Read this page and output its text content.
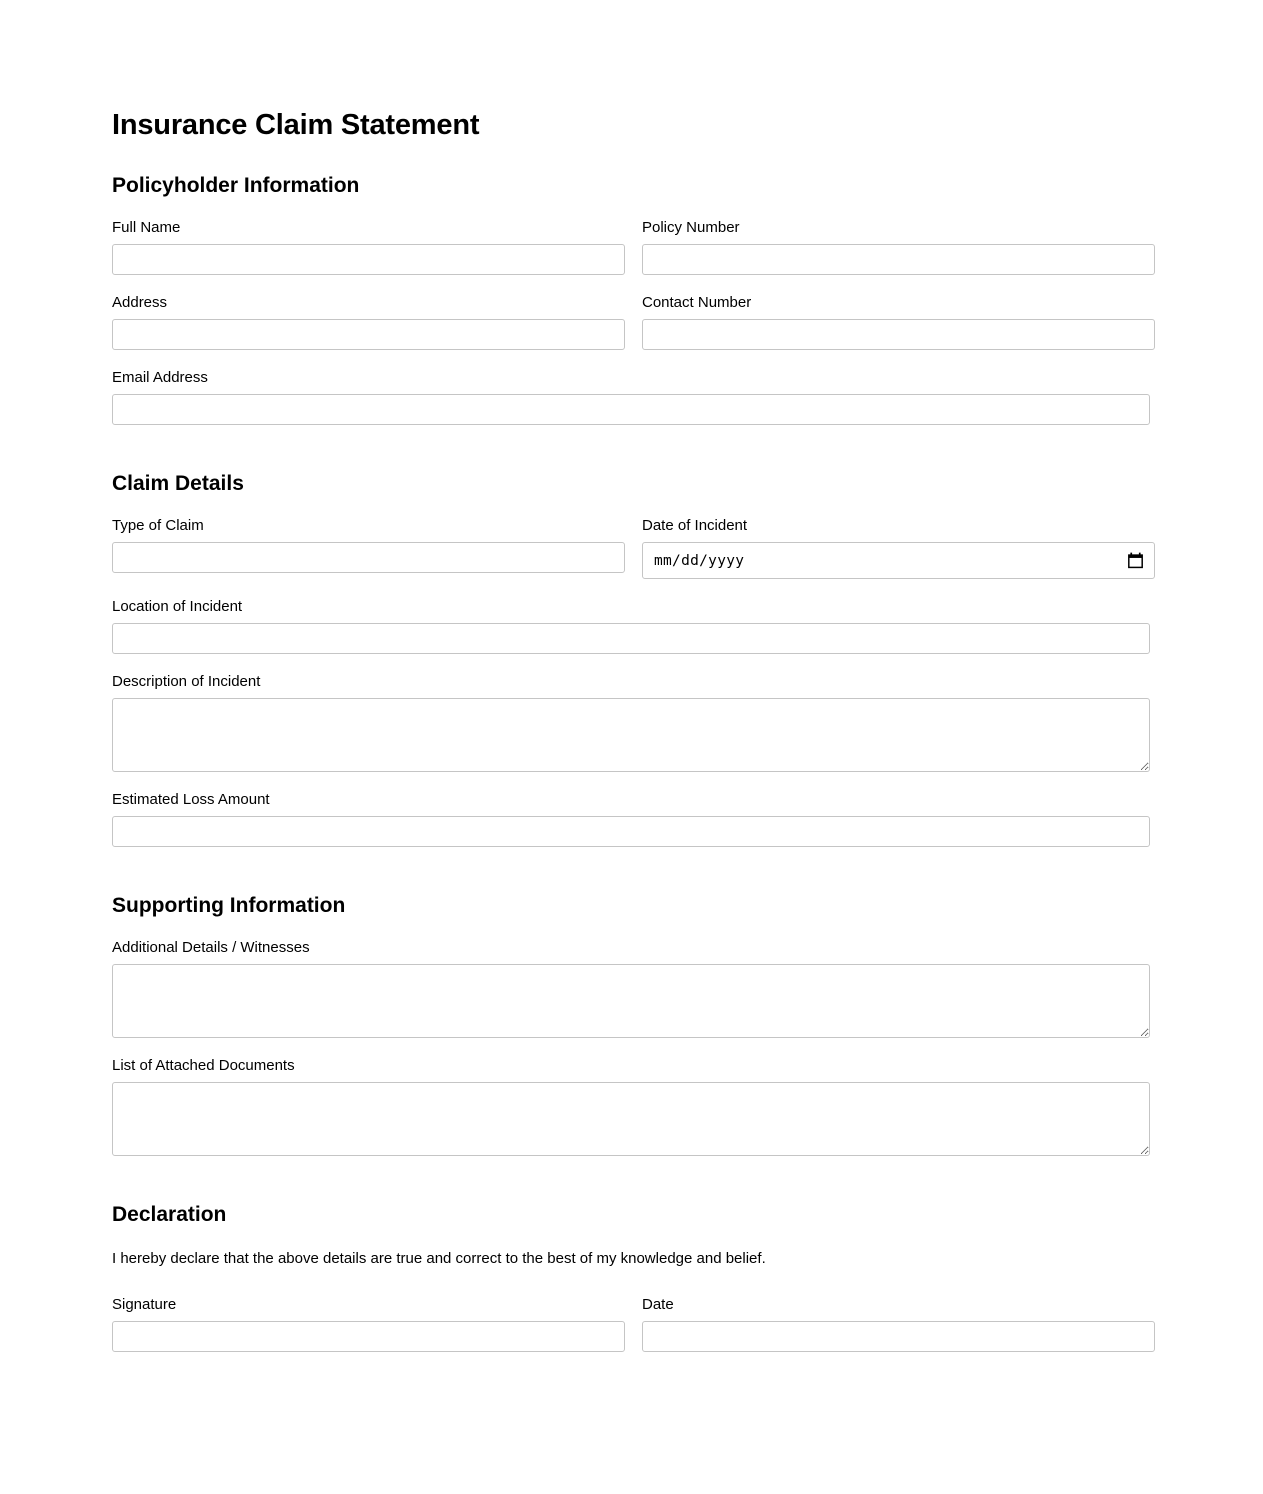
Insurance Claim Statement
Policyholder Information
Full Name	Policy Number
Address	Contact Number
Email Address
Claim Details
Type of Claim	Date of Incident
mm/dd/yyyy
Location of Incident
Description of Incident
Estimated Loss Amount
Supporting Information
Additional Details / Witnesses
List of Attached Documents
Declaration

I hereby declare that the above details are true and correct to the best of my knowledge and belief.

Signature	Date
